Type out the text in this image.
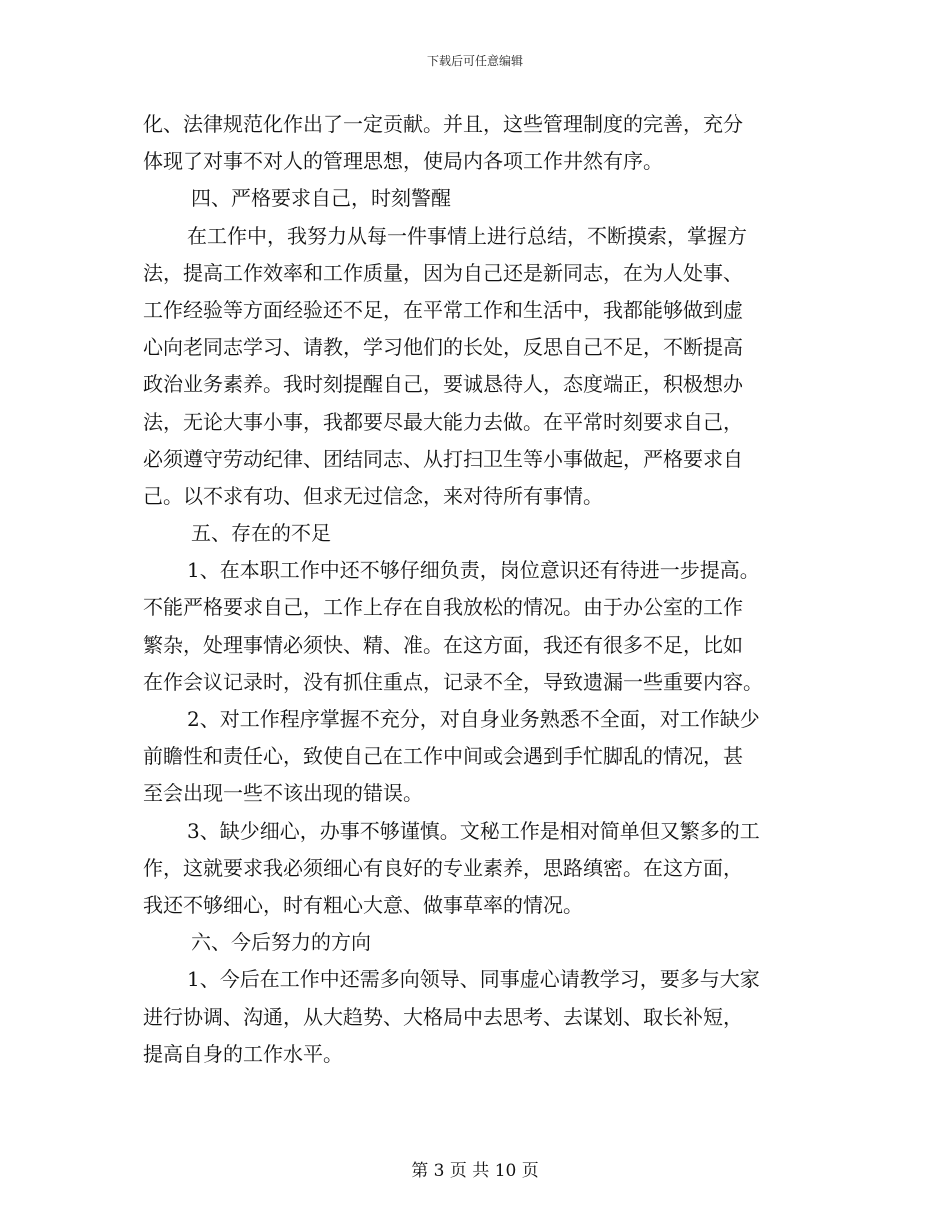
下载后可任意编辑
化、法律规范化作出了一定贡献。并且，这些管理制度的完善，充分
体现了对事不对人的管理思想，使局内各项工作井然有序。
四、严格要求自己，时刻警醒
在工作中，我努力从每一件事情上进行总结，不断摸索，掌握方
法，提高工作效率和工作质量，因为自己还是新同志，在为人处事、
工作经验等方面经验还不足，在平常工作和生活中，我都能够做到虚
心向老同志学习、请教，学习他们的长处，反思自己不足，不断提高
政治业务素养。我时刻提醒自己，要诚恳待人，态度端正，积极想办
法，无论大事小事，我都要尽最大能力去做。在平常时刻要求自己，
必须遵守劳动纪律、团结同志、从打扫卫生等小事做起，严格要求自
己。以不求有功、但求无过信念，来对待所有事情。
五、存在的不足
1、在本职工作中还不够仔细负责，岗位意识还有待进一步提高。
不能严格要求自己，工作上存在自我放松的情况。由于办公室的工作
繁杂，处理事情必须快、精、准。在这方面，我还有很多不足，比如
在作会议记录时，没有抓住重点，记录不全，导致遗漏一些重要内容。
2、对工作程序掌握不充分，对自身业务熟悉不全面，对工作缺少
前瞻性和责任心，致使自己在工作中间或会遇到手忙脚乱的情况，甚
至会出现一些不该出现的错误。
3、缺少细心，办事不够谨慎。文秘工作是相对简单但又繁多的工
作，这就要求我必须细心有良好的专业素养，思路缜密。在这方面，
我还不够细心，时有粗心大意、做事草率的情况。
六、今后努力的方向
1、今后在工作中还需多向领导、同事虚心请教学习，要多与大家
进行协调、沟通，从大趋势、大格局中去思考、去谋划、取长补短，
提高自身的工作水平。
第 3 页 共 10 页
